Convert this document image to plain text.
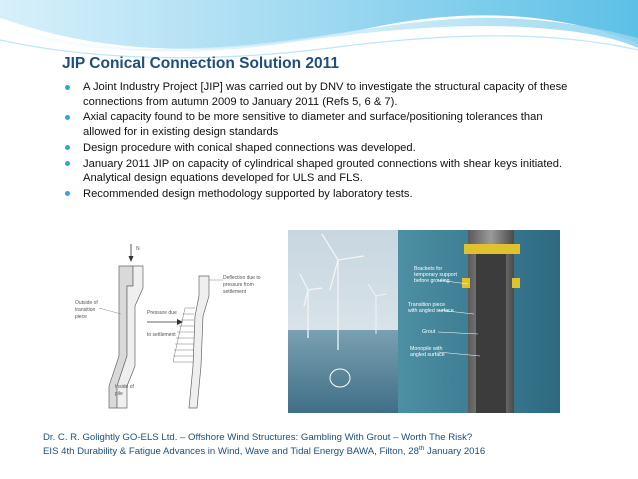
JIP Conical Connection Solution 2011
A Joint Industry Project [JIP] was carried out by DNV to investigate the structural capacity of these connections from autumn 2009 to January 2011 (Refs 5, 6 & 7).
Axial capacity found to be more sensitive to diameter and surface/positioning tolerances than allowed for in existing design standards
Design procedure with conical shaped connections was developed.
January 2011 JIP on capacity of cylindrical shaped grouted connections with shear keys initiated. Analytical design equations developed for ULS and FLS.
Recommended design methodology supported by laboratory tests.
N
Outside of
transition
piece
Inside of
pile
Pressure due
to settlement
Deflection due to
pressure from
settlement
Brackets for
temporary support
before grouting
Transition piece
with angled surface
Grout
Monopile with
angled surface
Dr. C. R. Golightly GO-ELS Ltd. – Offshore Wind Structures: Gambling With Grout – Worth The Risk?
EIS 4th Durability & Fatigue Advances in Wind, Wave and Tidal Energy BAWA, Filton, 28th January 2016
